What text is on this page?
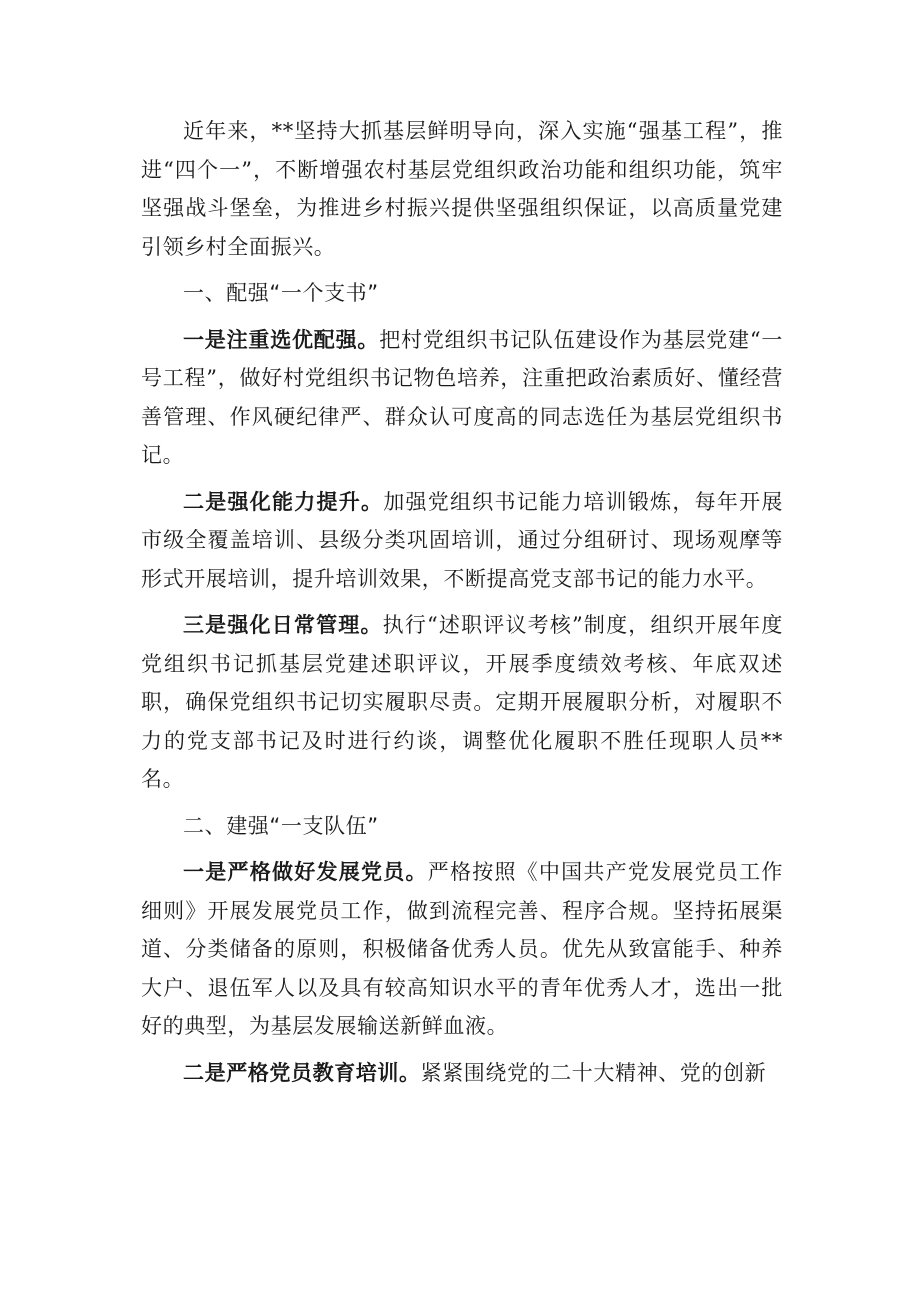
近年来，**坚持大抓基层鲜明导向，深入实施“强基工程”，推进“四个一”，不断增强农村基层党组织政治功能和组织功能，筑牢坚强战斗堡垒，为推进乡村振兴提供坚强组织保证，以高质量党建引领乡村全面振兴。

一、配强“一个支书”

一是注重选优配强。把村党组织书记队伍建设作为基层党建“一号工程”，做好村党组织书记物色培养，注重把政治素质好、懂经营善管理、作风硬纪律严、群众认可度高的同志选任为基层党组织书记。

二是强化能力提升。加强党组织书记能力培训锻炼，每年开展市级全覆盖培训、县级分类巩固培训，通过分组研讨、现场观摩等形式开展培训，提升培训效果，不断提高党支部书记的能力水平。

三是强化日常管理。执行“述职评议考核”制度，组织开展年度党组织书记抓基层党建述职评议，开展季度绩效考核、年底双述职，确保党组织书记切实履职尽责。定期开展履职分析，对履职不力的党支部书记及时进行约谈，调整优化履职不胜任现职人员**名。

二、建强“一支队伍”

一是严格做好发展党员。严格按照《中国共产党发展党员工作细则》开展发展党员工作，做到流程完善、程序合规。坚持拓展渠道、分类储备的原则，积极储备优秀人员。优先从致富能手、种养大户、退伍军人以及具有较高知识水平的青年优秀人才，选出一批好的典型，为基层发展输送新鲜血液。

二是严格党员教育培训。紧紧围绕党的二十大精神、党的创新
